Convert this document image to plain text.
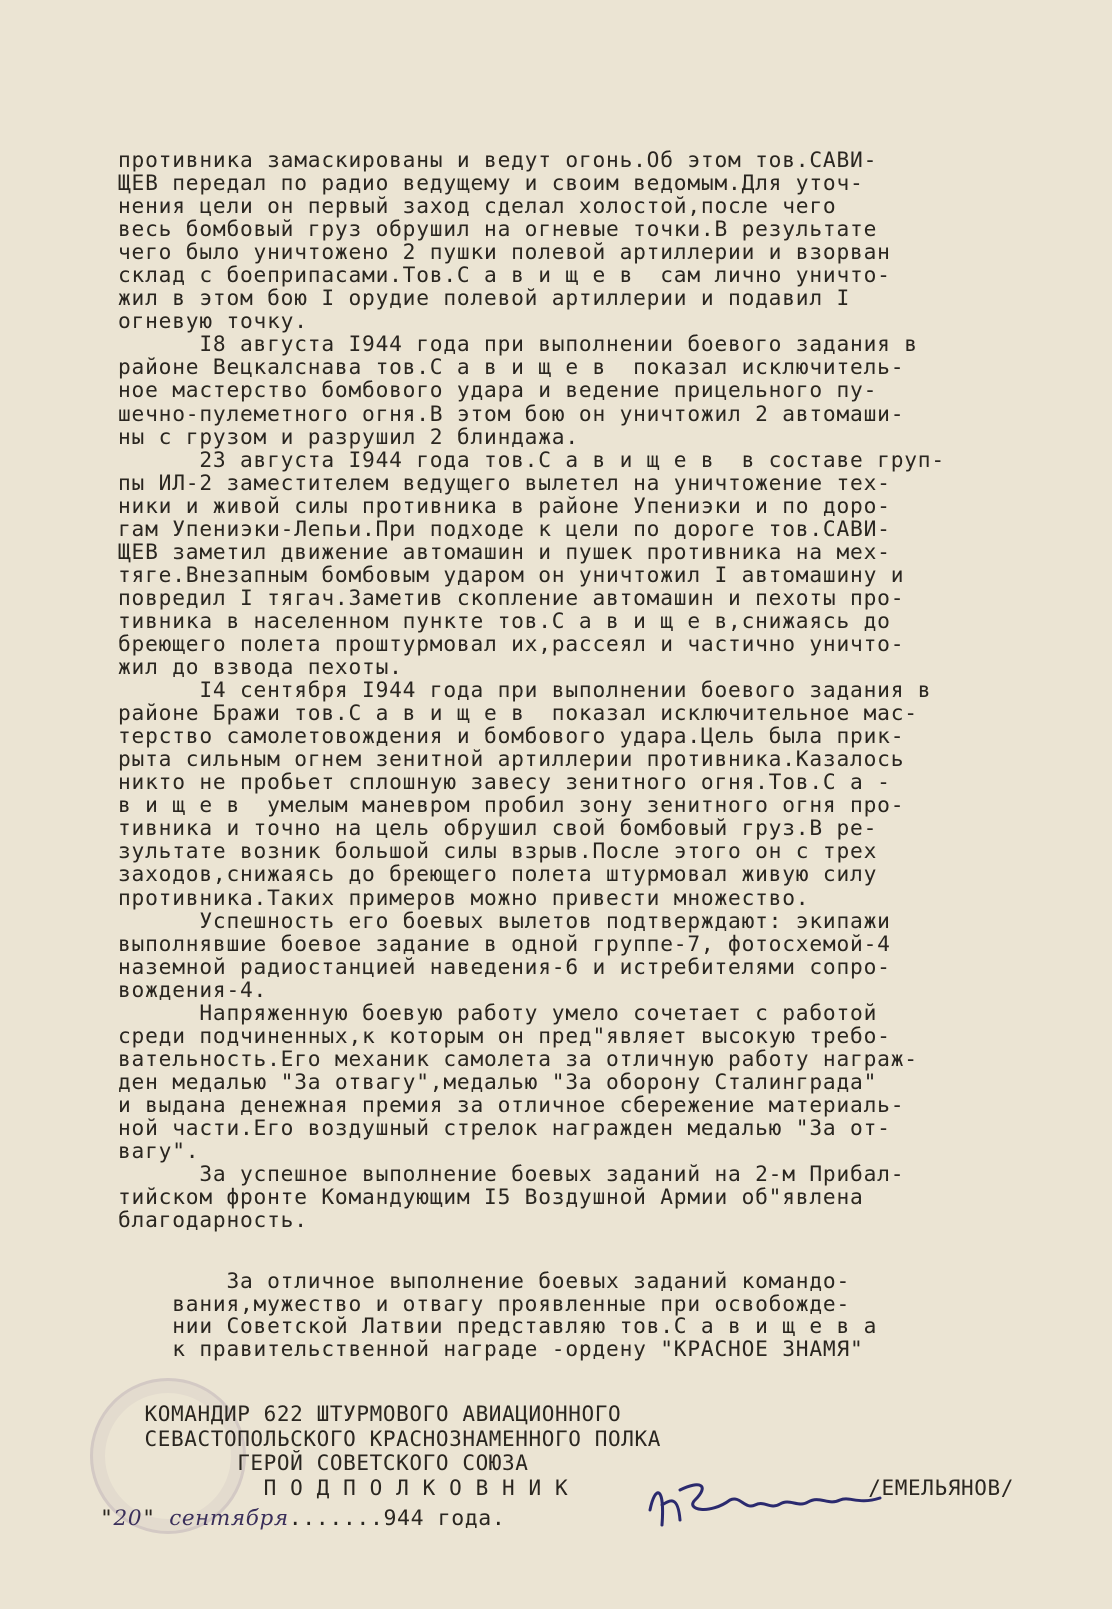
противника замаскированы и ведут огонь.Об этом тов.САВИ-
ЩЕВ передал по радио ведущему и своим ведомым.Для уточ-
нения цели он первый заход сделал холостой,после чего
весь бомбовый груз обрушил на огневые точки.В результате
чего было уничтожено 2 пушки полевой артиллерии и взорван
склад с боеприпасами.Тов.С а в и щ е в  сам лично уничто-
жил в этом бою I орудие полевой артиллерии и подавил I
огневую точку.

I8 августа I944 года при выполнении боевого задания в
районе Вецкалснава тов.С а в и щ е в  показал исключитель-
ное мастерство бомбового удара и ведение прицельного пу-
шечно-пулеметного огня.В этом бою он уничтожил 2 автомаши-
ны с грузом и разрушил 2 блиндажа.

23 августа I944 года тов.С а в и щ е в  в составе груп-
пы ИЛ-2 заместителем ведущего вылетел на уничтожение тех-
ники и живой силы противника в районе Упениэки и по доро-
гам Упениэки-Лепьи.При подходе к цели по дороге тов.САВИ-
ЩЕВ заметил движение автомашин и пушек противника на мех-
тяге.Внезапным бомбовым ударом он уничтожил I автомашину и
повредил I тягач.Заметив скопление автомашин и пехоты про-
тивника в населенном пункте тов.С а в и щ е в,снижаясь до
бреющего полета проштурмовал их,рассеял и частично уничто-
жил до взвода пехоты.

I4 сентября I944 года при выполнении боевого задания в
районе Бражи тов.С а в и щ е в  показал исключительное мас-
терство самолетовождения и бомбового удара.Цель была прик-
рыта сильным огнем зенитной артиллерии противника.Казалось
никто не пробьет сплошную завесу зенитного огня.Тов.С а -
в и щ е в  умелым маневром пробил зону зенитного огня про-
тивника и точно на цель обрушил свой бомбовый груз.В ре-
зультате возник большой силы взрыв.После этого он с трех
заходов,снижаясь до бреющего полета штурмовал живую силу
противника.Таких примеров можно привести множество.

Успешность его боевых вылетов подтверждают: экипажи
выполнявшие боевое задание в одной группе-7, фотосхемой-4
наземной радиостанцией наведения-6 и истребителями сопро-
вождения-4.

Напряженную боевую работу умело сочетает с работой
среди подчиненных,к которым он пред"являет высокую требо-
вательность.Его механик самолета за отличную работу награж-
ден медалью "За отвагу",медалью "За оборону Сталинграда"
и выдана денежная премия за отличное сбережение материаль-
ной части.Его воздушный стрелок награжден медалью "За от-
вагу".

За успешное выполнение боевых заданий на 2-м Прибал-
тийском фронте Командующим I5 Воздушной Армии об"явлена
благодарность.

За отличное выполнение боевых заданий командо-
вания,мужество и отвагу проявленные при освобожде-
нии Советской Латвии представляю тов.С а в и щ е в а
к правительственной награде -ордену "КРАСНОЕ ЗНАМЯ"

КОМАНДИР 622 ШТУРМОВОГО АВИАЦИОННОГО

СЕВАСТОПОЛЬСКОГО КРАСНОЗНАМЕННОГО ПОЛКА

ГЕРОЙ СОВЕТСКОГО СОЮЗА

П О Д П О Л К О В Н И К	/ЕМЕЛЬЯНОВ/

"20" сентября.......944 года.
